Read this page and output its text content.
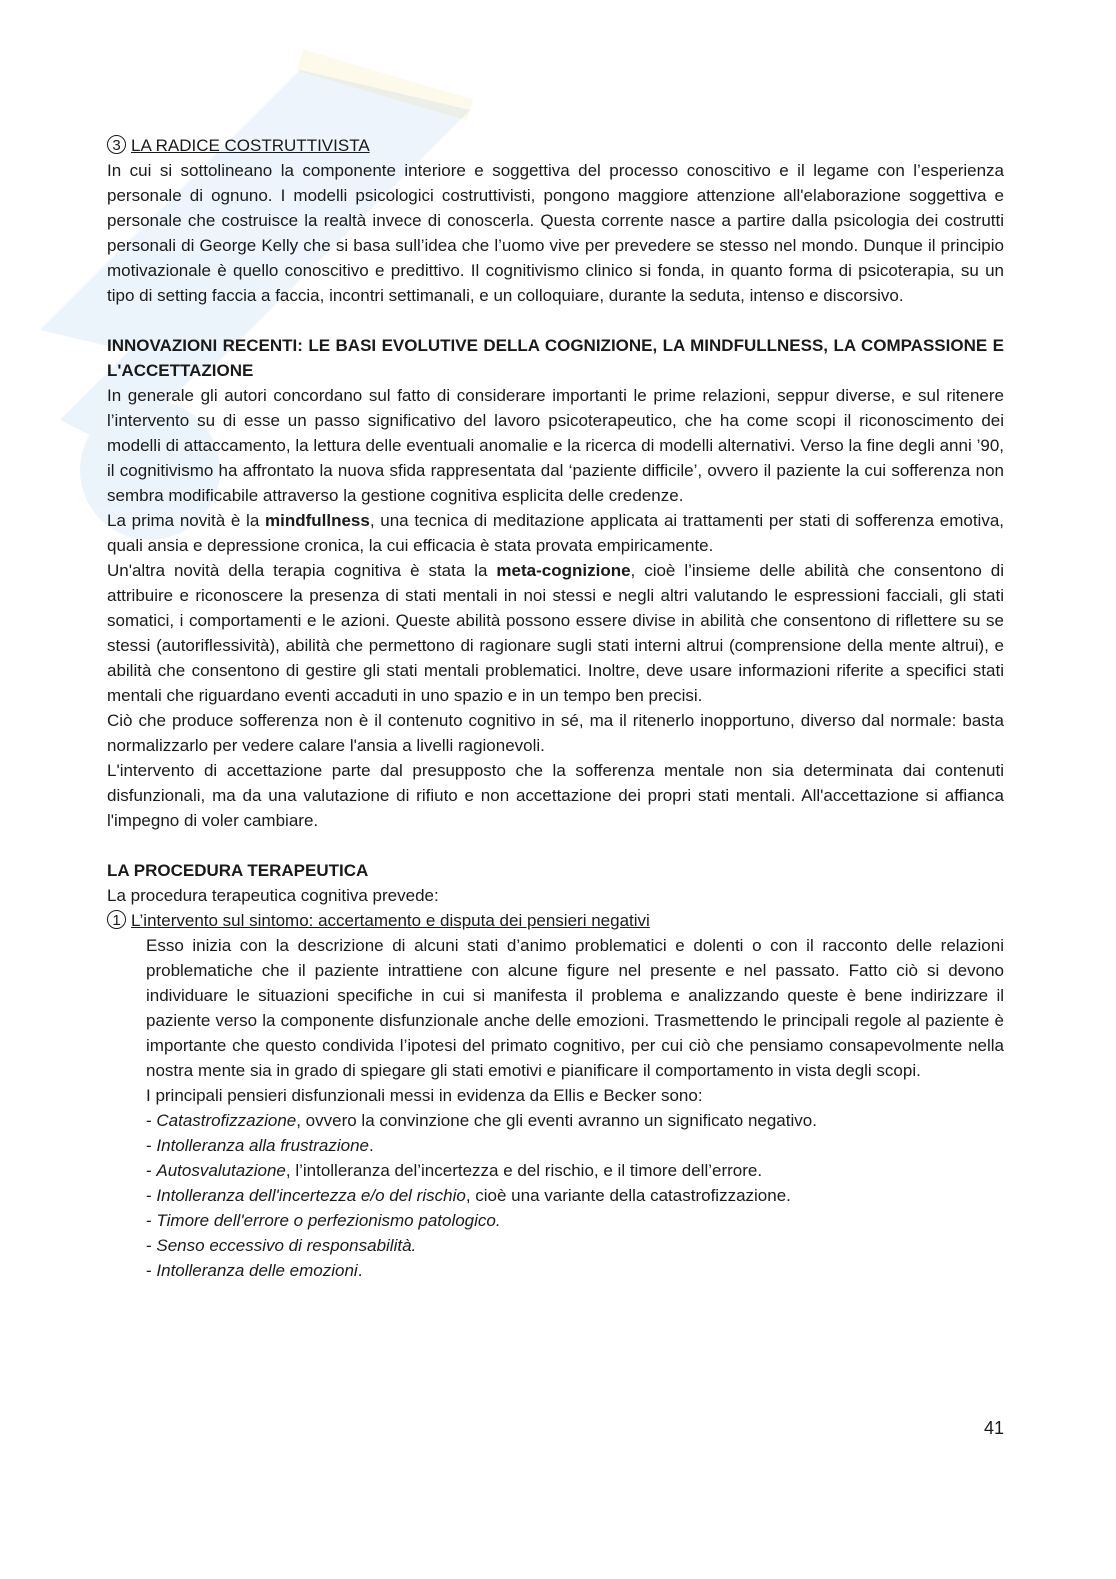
3 LA RADICE COSTRUTTIVISTA

In cui si sottolineano la componente interiore e soggettiva del processo conoscitivo e il legame con l’esperienza personale di ognuno. I modelli psicologici costruttivisti, pongono maggiore attenzione all'elaborazione soggettiva e personale che costruisce la realtà invece di conoscerla. Questa corrente nasce a partire dalla psicologia dei costrutti personali di George Kelly che si basa sull’idea che l’uomo vive per prevedere se stesso nel mondo. Dunque il principio motivazionale è quello conoscitivo e predittivo. Il cognitivismo clinico si fonda, in quanto forma di psicoterapia, su un tipo di setting faccia a faccia, incontri settimanali, e un colloquiare, durante la seduta, intenso e discorsivo.

INNOVAZIONI RECENTI: LE BASI EVOLUTIVE DELLA COGNIZIONE, LA MINDFULLNESS, LA COMPASSIONE E L'ACCETTAZIONE

In generale gli autori concordano sul fatto di considerare importanti le prime relazioni, seppur diverse, e sul ritenere l’intervento su di esse un passo significativo del lavoro psicoterapeutico, che ha come scopi il riconoscimento dei modelli di attaccamento, la lettura delle eventuali anomalie e la ricerca di modelli alternativi. Verso la fine degli anni ’90, il cognitivismo ha affrontato la nuova sfida rappresentata dal ‘paziente difficile’, ovvero il paziente la cui sofferenza non sembra modificabile attraverso la gestione cognitiva esplicita delle credenze.

La prima novità è la mindfullness, una tecnica di meditazione applicata ai trattamenti per stati di sofferenza emotiva, quali ansia e depressione cronica, la cui efficacia è stata provata empiricamente.

Un'altra novità della terapia cognitiva è stata la meta-cognizione, cioè l’insieme delle abilità che consentono di attribuire e riconoscere la presenza di stati mentali in noi stessi e negli altri valutando le espressioni facciali, gli stati somatici, i comportamenti e le azioni. Queste abilità possono essere divise in abilità che consentono di riflettere su se stessi (autoriflessività), abilità che permettono di ragionare sugli stati interni altrui (comprensione della mente altrui), e abilità che consentono di gestire gli stati mentali problematici. Inoltre, deve usare informazioni riferite a specifici stati mentali che riguardano eventi accaduti in uno spazio e in un tempo ben precisi.

Ciò che produce sofferenza non è il contenuto cognitivo in sé, ma il ritenerlo inopportuno, diverso dal normale: basta normalizzarlo per vedere calare l'ansia a livelli ragionevoli.

L'intervento di accettazione parte dal presupposto che la sofferenza mentale non sia determinata dai contenuti disfunzionali, ma da una valutazione di rifiuto e non accettazione dei propri stati mentali. All'accettazione si affianca l'impegno di voler cambiare.

LA PROCEDURA TERAPEUTICA

La procedura terapeutica cognitiva prevede:

1 L’intervento sul sintomo: accertamento e disputa dei pensieri negativi

Esso inizia con la descrizione di alcuni stati d’animo problematici e dolenti o con il racconto delle relazioni problematiche che il paziente intrattiene con alcune figure nel presente e nel passato. Fatto ciò si devono individuare le situazioni specifiche in cui si manifesta il problema e analizzando queste è bene indirizzare il paziente verso la componente disfunzionale anche delle emozioni. Trasmettendo le principali regole al paziente è importante che questo condivida l’ipotesi del primato cognitivo, per cui ciò che pensiamo consapevolmente nella nostra mente sia in grado di spiegare gli stati emotivi e pianificare il comportamento in vista degli scopi.

I principali pensieri disfunzionali messi in evidenza da Ellis e Becker sono:

- Catastrofizzazione, ovvero la convinzione che gli eventi avranno un significato negativo.
- Intolleranza alla frustrazione.
- Autosvalutazione, l’intolleranza del’incertezza e del rischio, e il timore dell’errore.
- Intolleranza dell'incertezza e/o del rischio, cioè una variante della catastrofizzazione.
- Timore dell'errore o perfezionismo patologico.
- Senso eccessivo di responsabilità.
- Intolleranza delle emozioni.
41
